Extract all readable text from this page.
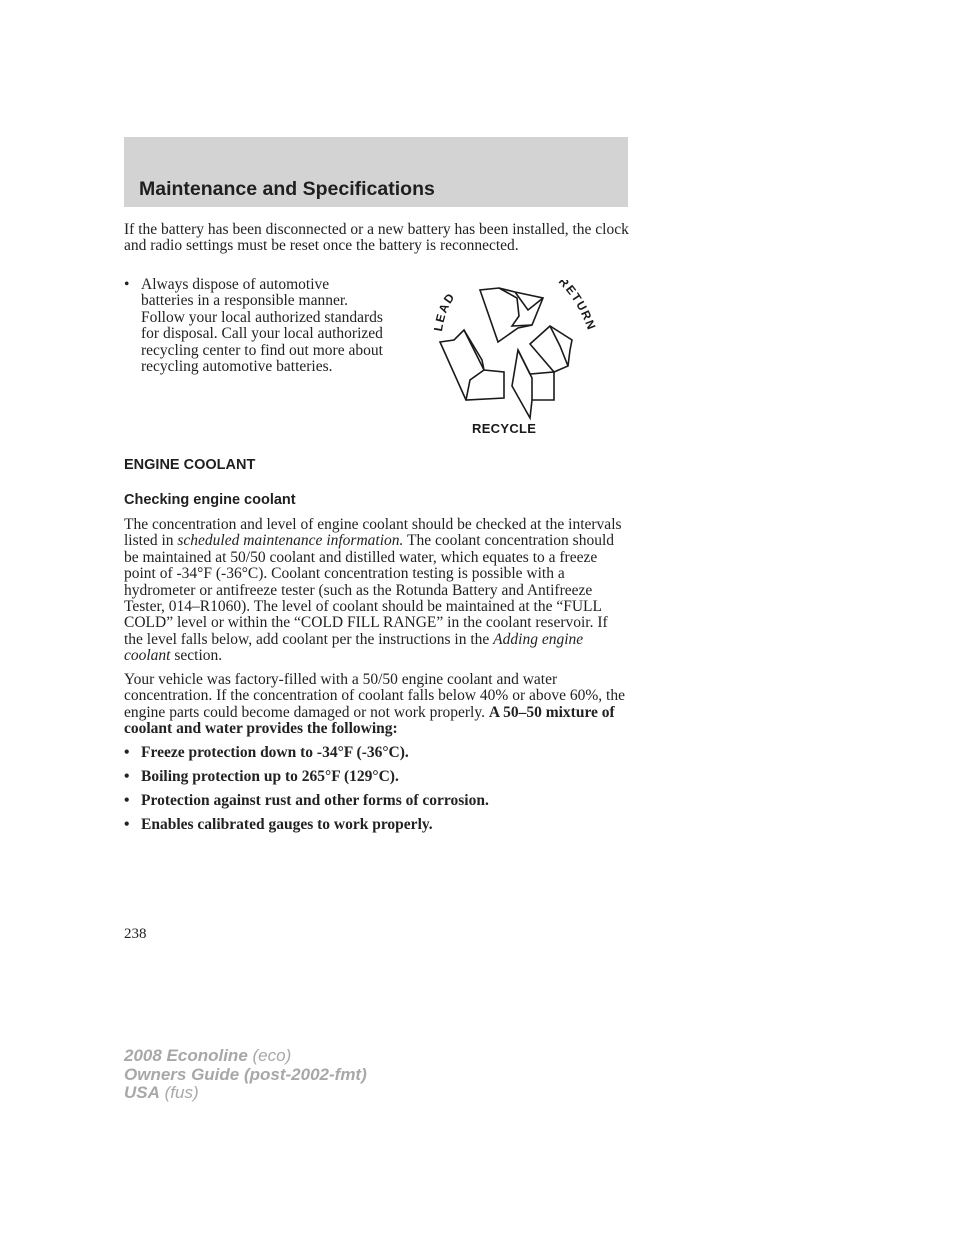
Maintenance and Specifications

If the battery has been disconnected or a new battery has been installed, the clock and radio settings must be reset once the battery is reconnected.

• Always dispose of automotive batteries in a responsible manner. Follow your local authorized standards for disposal. Call your local authorized recycling center to find out more about recycling automotive batteries.
LEAD
RETURN
RECYCLE
ENGINE COOLANT
Checking engine coolant

The concentration and level of engine coolant should be checked at the intervals listed in scheduled maintenance information. The coolant concentration should be maintained at 50/50 coolant and distilled water, which equates to a freeze point of -34°F (-36°C). Coolant concentration testing is possible with a hydrometer or antifreeze tester (such as the Rotunda Battery and Antifreeze Tester, 014–R1060). The level of coolant should be maintained at the “FULL COLD” level or within the “COLD FILL RANGE” in the coolant reservoir. If the level falls below, add coolant per the instructions in the Adding engine coolant section.

Your vehicle was factory-filled with a 50/50 engine coolant and water concentration. If the concentration of coolant falls below 40% or above 60%, the engine parts could become damaged or not work properly. A 50–50 mixture of coolant and water provides the following:

• Freeze protection down to -34°F (-36°C).
• Boiling protection up to 265°F (129°C).
• Protection against rust and other forms of corrosion.
• Enables calibrated gauges to work properly.
238
2008 Econoline (eco)
Owners Guide (post-2002-fmt)
USA (fus)
